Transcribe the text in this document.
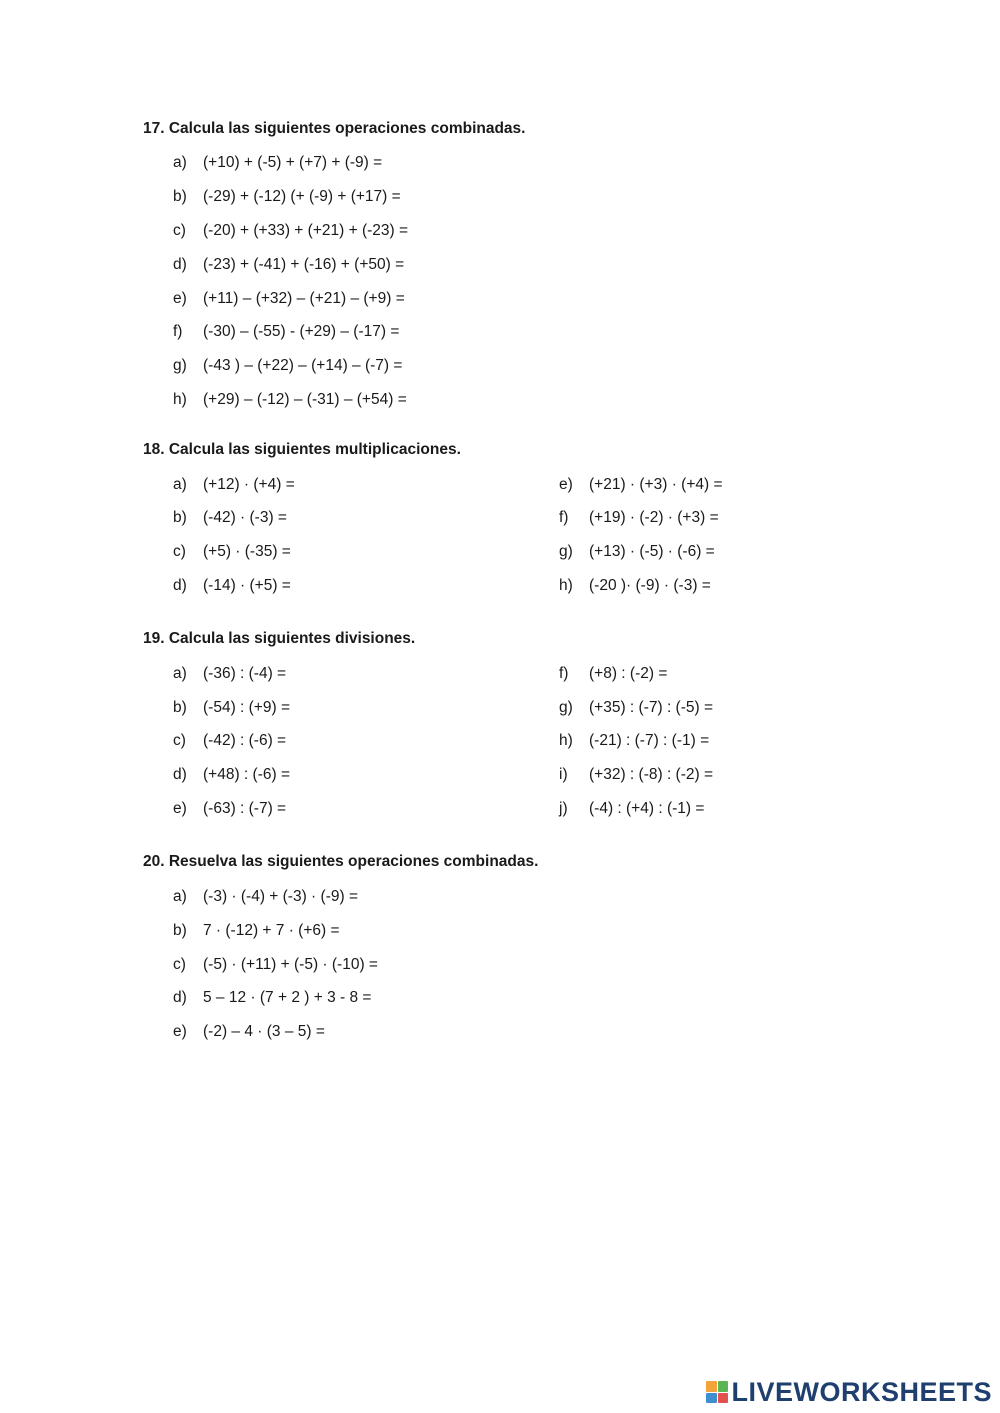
17. Calcula las siguientes operaciones combinadas.
a) (+10) + (-5) + (+7) + (-9) =
b) (-29) + (-12) (+ (-9) + (+17) =
c) (-20) + (+33) + (+21) + (-23) =
d) (-23) + (-41) + (-16) + (+50) =
e) (+11) – (+32) – (+21) – (+9) =
f) (-30) – (-55) - (+29) – (-17) =
g) (-43 ) – (+22) – (+14) – (-7) =
h) (+29) – (-12) – (-31) – (+54) =
18. Calcula las siguientes multiplicaciones.
a) (+12) · (+4) =
b) (-42) · (-3) =
c) (+5) · (-35) =
d) (-14) · (+5) =
e) (+21) · (+3) · (+4) =
f) (+19) · (-2) · (+3) =
g) (+13) · (-5) · (-6) =
h) (-20 )· (-9) · (-3) =
19. Calcula las siguientes divisiones.
a) (-36) : (-4) =
b) (-54) : (+9) =
c) (-42) : (-6) =
d) (+48) : (-6) =
e) (-63) : (-7) =
f) (+8) : (-2) =
g) (+35) : (-7) : (-5) =
h) (-21) : (-7) : (-1) =
i) (+32) : (-8) : (-2) =
j) (-4) : (+4) : (-1) =
20. Resuelva las siguientes operaciones combinadas.
a) (-3) · (-4) + (-3) · (-9) =
b) 7 · (-12) + 7 · (+6) =
c) (-5) · (+11) + (-5) · (-10) =
d) 5 – 12 · (7 + 2 ) + 3 - 8 =
e) (-2) – 4 · (3 – 5) =
LIVEWORKSHEETS
